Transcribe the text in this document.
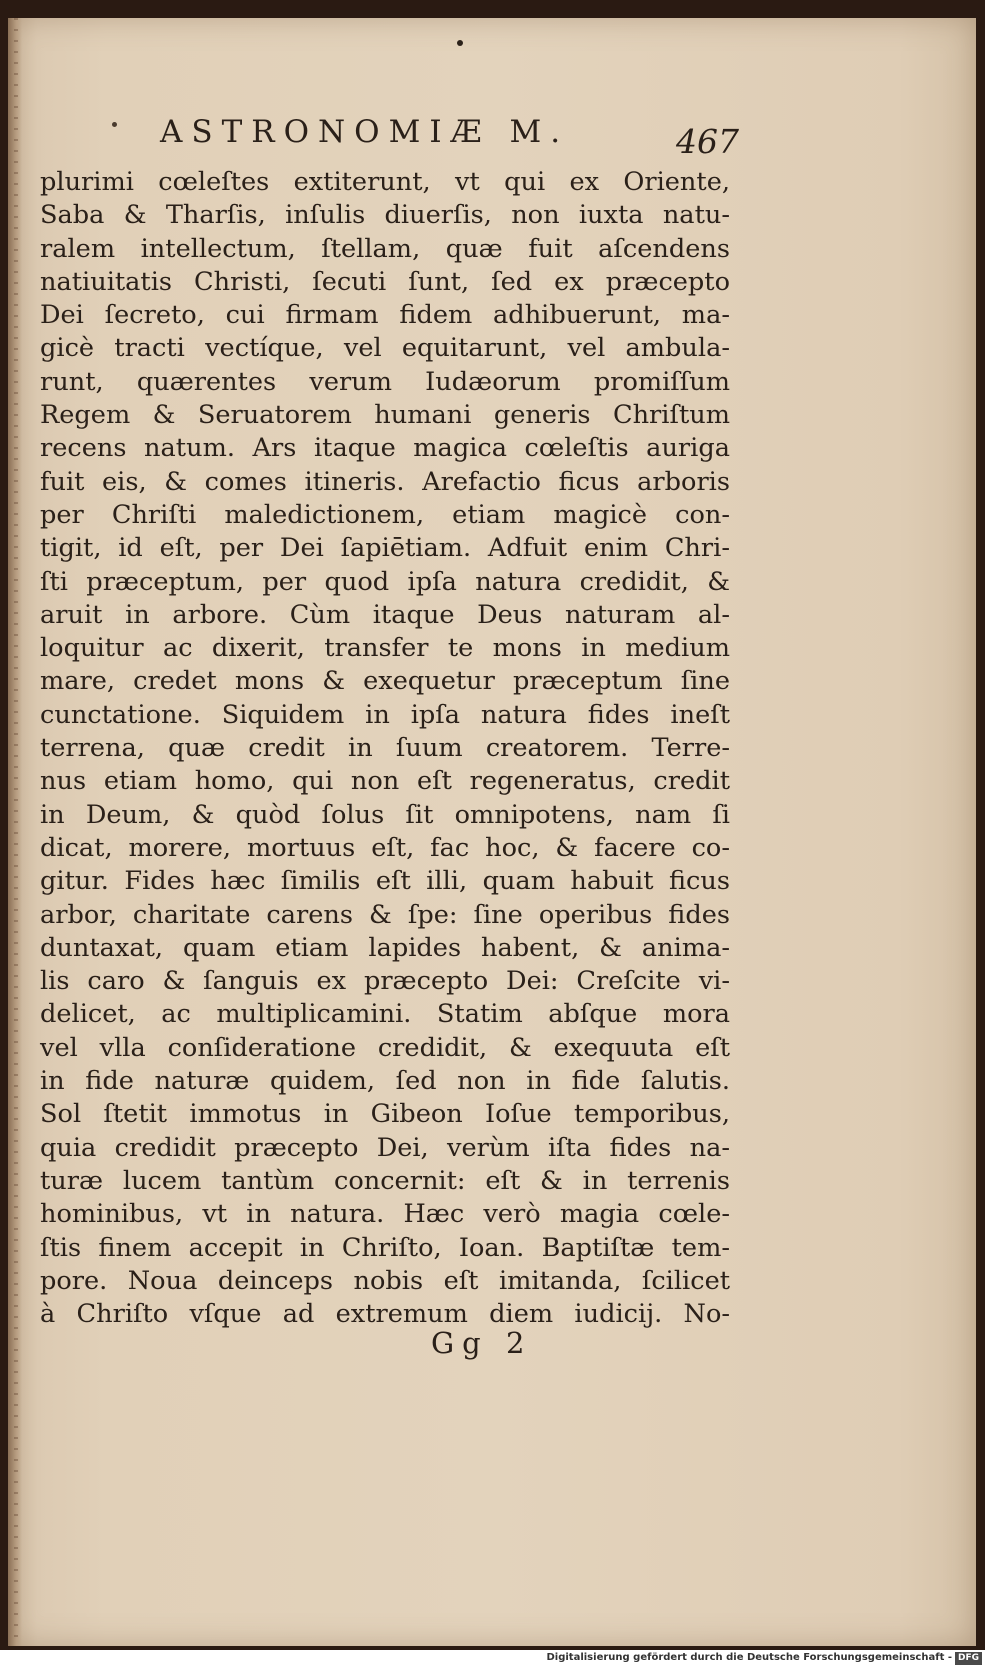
ASTRONOMIÆ M.	467
plurimi cœleſtes extiterunt, vt qui ex Oriente,
Saba & Tharſis, inſulis diuerſis, non iuxta natu-
ralem intellectum, ſtellam, quæ fuit aſcendens
natiuitatis Christi, ſecuti ſunt, ſed ex præcepto
Dei ſecreto, cui firmam fidem adhibuerunt, ma-
gicè tracti vectíque, vel equitarunt, vel ambula-
runt, quærentes verum Iudæorum promiſſum
Regem & Seruatorem humani generis Chriſtum
recens natum. Ars itaque magica cœleſtis auriga
fuit eis, & comes itineris. Arefactio ficus arboris
per Chriſti maledictionem, etiam magicè con-
tigit, id eſt, per Dei ſapiētiam. Adfuit enim Chri-
ſti præceptum, per quod ipſa natura credidit, &
aruit in arbore. Cùm itaque Deus naturam al-
loquitur ac dixerit, transfer te mons in medium
mare, credet mons & exequetur præceptum ſine
cunctatione. Siquidem in ipſa natura fides ineſt
terrena, quæ credit in ſuum creatorem. Terre-
nus etiam homo, qui non eſt regeneratus, credit
in Deum, & quòd ſolus ſit omnipotens, nam ſi
dicat, morere, mortuus eſt, fac hoc, & facere co-
gitur. Fides hæc ſimilis eſt illi, quam habuit ficus
arbor, charitate carens & ſpe: ſine operibus fides
duntaxat, quam etiam lapides habent, & anima-
lis caro & ſanguis ex præcepto Dei: Creſcite vi-
delicet, ac multiplicamini. Statim abſque mora
vel vlla conſideratione credidit, & exequuta eſt
in fide naturæ quidem, ſed non in fide ſalutis.
Sol ſtetit immotus in Gibeon Ioſue temporibus,
quia credidit præcepto Dei, verùm iſta fides na-
turæ lucem tantùm concernit: eſt & in terrenis
hominibus, vt in natura. Hæc verò magia cœle-
ſtis finem accepit in Chriſto, Ioan. Baptiſtæ tem-
pore. Noua deinceps nobis eſt imitanda, ſcilicet
à Chriſto vſque ad extremum diem iudicij. No-
Gg 2
Digitalisierung gefördert durch die Deutsche Forschungsgemeinschaft - DFG
